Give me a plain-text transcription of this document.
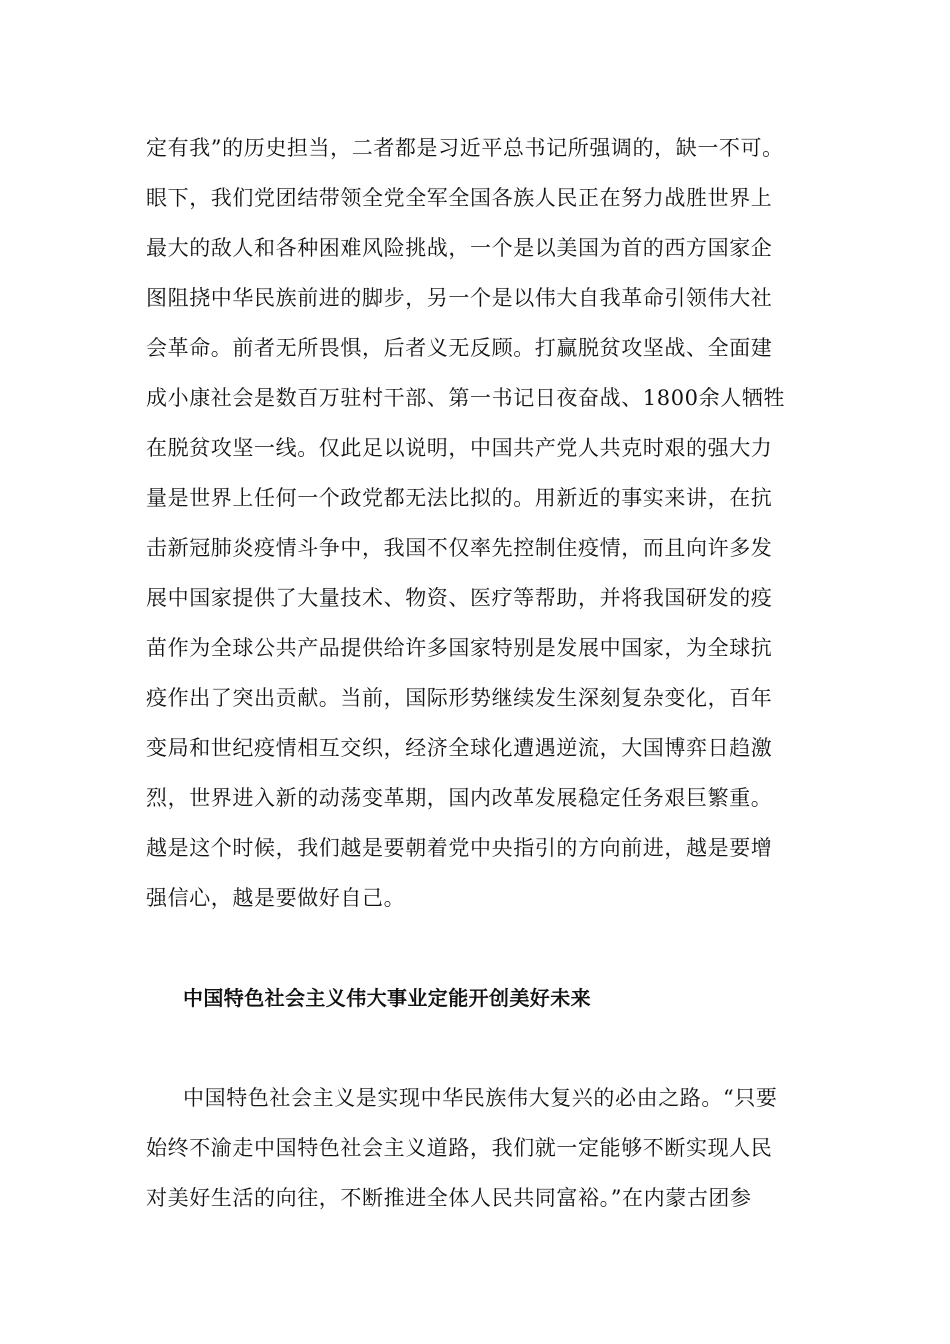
定有我”的历史担当，二者都是习近平总书记所强调的，缺一不可。
眼下，我们党团结带领全党全军全国各族人民正在努力战胜世界上
最大的敌人和各种困难风险挑战，一个是以美国为首的西方国家企
图阻挠中华民族前进的脚步，另一个是以伟大自我革命引领伟大社
会革命。前者无所畏惧，后者义无反顾。打赢脱贫攻坚战、全面建
成小康社会是数百万驻村干部、第一书记日夜奋战、1800余人牺牲
在脱贫攻坚一线。仅此足以说明，中国共产党人共克时艰的强大力
量是世界上任何一个政党都无法比拟的。用新近的事实来讲，在抗
击新冠肺炎疫情斗争中，我国不仅率先控制住疫情，而且向许多发
展中国家提供了大量技术、物资、医疗等帮助，并将我国研发的疫
苗作为全球公共产品提供给许多国家特别是发展中国家，为全球抗
疫作出了突出贡献。当前，国际形势继续发生深刻复杂变化，百年
变局和世纪疫情相互交织，经济全球化遭遇逆流，大国博弈日趋激
烈，世界进入新的动荡变革期，国内改革发展稳定任务艰巨繁重。
越是这个时候，我们越是要朝着党中央指引的方向前进，越是要增
强信心，越是要做好自己。
中国特色社会主义伟大事业定能开创美好未来
中国特色社会主义是实现中华民族伟大复兴的必由之路。“只要
始终不渝走中国特色社会主义道路，我们就一定能够不断实现人民
对美好生活的向往，不断推进全体人民共同富裕。”在内蒙古团参
